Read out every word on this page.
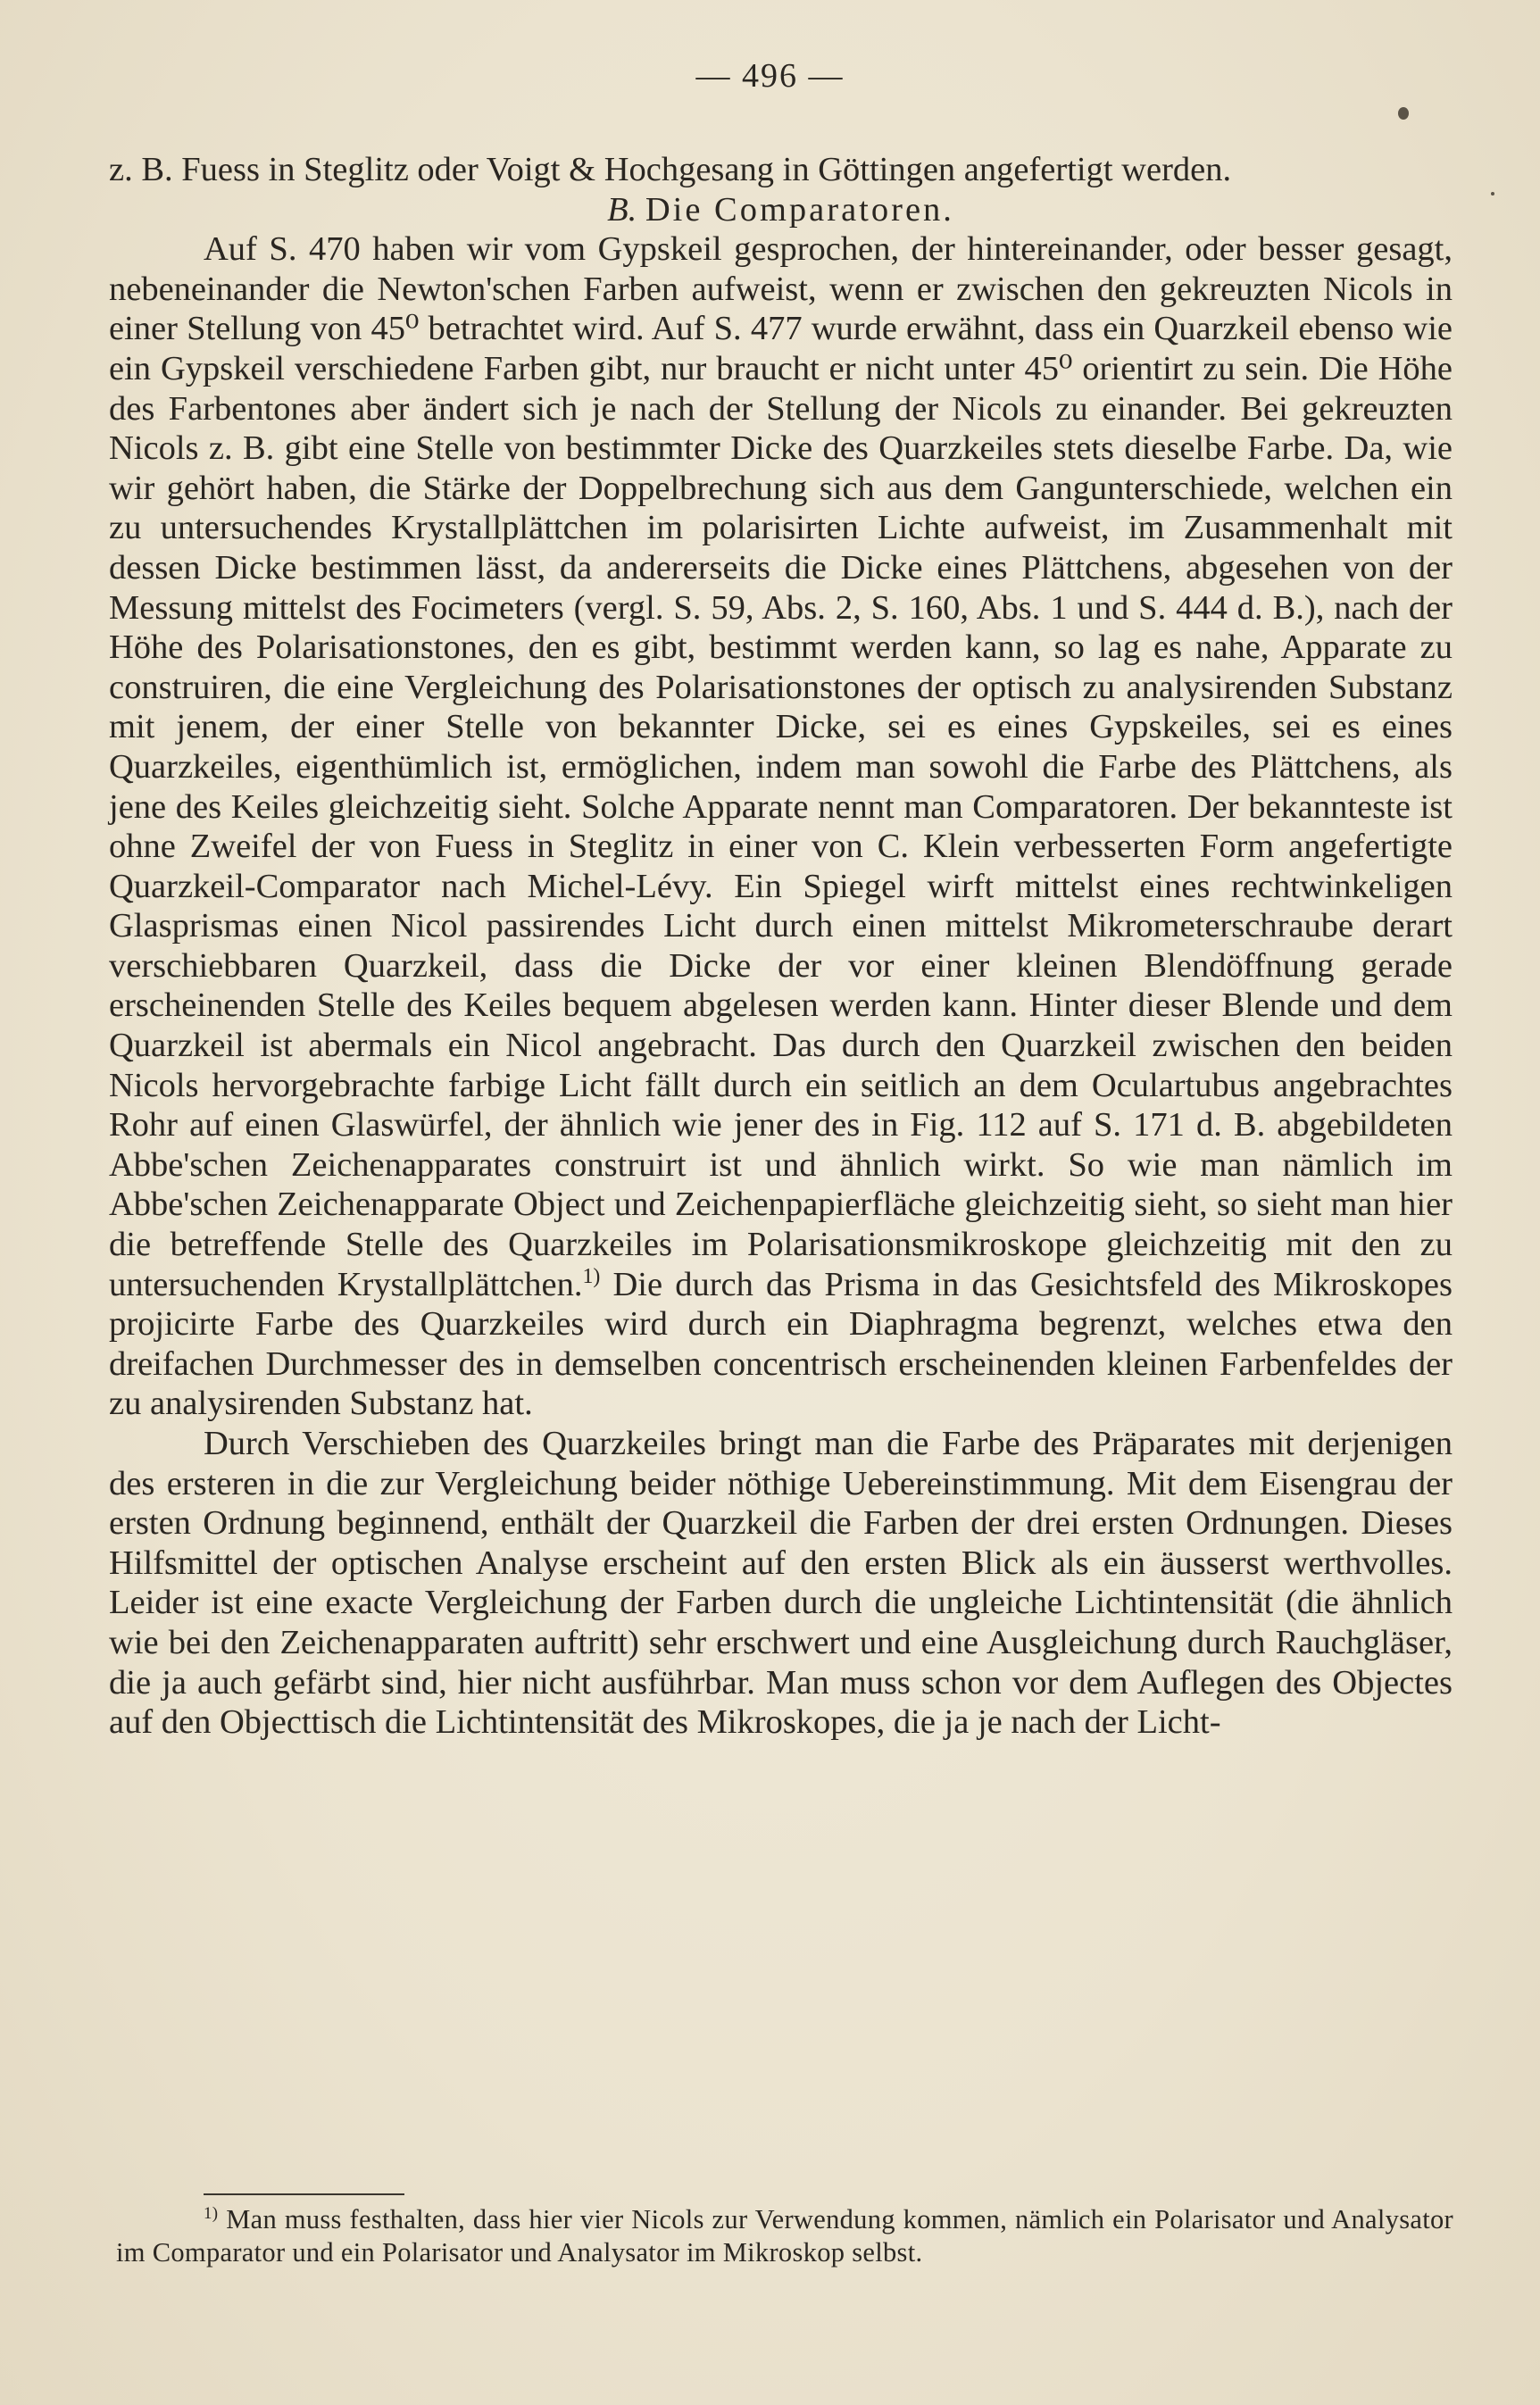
— 496 —

z. B. Fuess in Steglitz oder Voigt & Hochgesang in Göttingen angefertigt werden.

B. Die Comparatoren.

Auf S. 470 haben wir vom Gypskeil gesprochen, der hintereinander, oder besser gesagt, nebeneinander die Newton'schen Farben aufweist, wenn er zwischen den gekreuzten Nicols in einer Stellung von 45⁰ betrachtet wird. Auf S. 477 wurde erwähnt, dass ein Quarzkeil ebenso wie ein Gypskeil verschiedene Farben gibt, nur braucht er nicht unter 45⁰ orientirt zu sein. Die Höhe des Farbentones aber ändert sich je nach der Stellung der Nicols zu einander. Bei gekreuzten Nicols z. B. gibt eine Stelle von bestimmter Dicke des Quarzkeiles stets dieselbe Farbe. Da, wie wir gehört haben, die Stärke der Doppelbrechung sich aus dem Gangunterschiede, welchen ein zu untersuchendes Krystallplättchen im polarisirten Lichte aufweist, im Zusammenhalt mit dessen Dicke bestimmen lässt, da andererseits die Dicke eines Plättchens, abgesehen von der Messung mittelst des Focimeters (vergl. S. 59, Abs. 2, S. 160, Abs. 1 und S. 444 d. B.), nach der Höhe des Polarisationstones, den es gibt, bestimmt werden kann, so lag es nahe, Apparate zu construiren, die eine Vergleichung des Polarisationstones der optisch zu analysirenden Substanz mit jenem, der einer Stelle von bekannter Dicke, sei es eines Gypskeiles, sei es eines Quarzkeiles, eigenthümlich ist, ermöglichen, indem man sowohl die Farbe des Plättchens, als jene des Keiles gleichzeitig sieht. Solche Apparate nennt man Comparatoren. Der bekannteste ist ohne Zweifel der von Fuess in Steglitz in einer von C. Klein verbesserten Form angefertigte Quarzkeil-Comparator nach Michel-Lévy. Ein Spiegel wirft mittelst eines rechtwinkeligen Glasprismas einen Nicol passirendes Licht durch einen mittelst Mikrometerschraube derart verschiebbaren Quarzkeil, dass die Dicke der vor einer kleinen Blendöffnung gerade erscheinenden Stelle des Keiles bequem abgelesen werden kann. Hinter dieser Blende und dem Quarzkeil ist abermals ein Nicol angebracht. Das durch den Quarzkeil zwischen den beiden Nicols hervorgebrachte farbige Licht fällt durch ein seitlich an dem Oculartubus angebrachtes Rohr auf einen Glaswürfel, der ähnlich wie jener des in Fig. 112 auf S. 171 d. B. abgebildeten Abbe'schen Zeichenapparates construirt ist und ähnlich wirkt. So wie man nämlich im Abbe'schen Zeichenapparate Object und Zeichenpapierfläche gleichzeitig sieht, so sieht man hier die betreffende Stelle des Quarzkeiles im Polarisationsmikroskope gleichzeitig mit den zu untersuchenden Krystallplättchen.$^{1)}$ Die durch das Prisma in das Gesichtsfeld des Mikroskopes projicirte Farbe des Quarzkeiles wird durch ein Diaphragma begrenzt, welches etwa den dreifachen Durchmesser des in demselben concentrisch erscheinenden kleinen Farbenfeldes der zu analysirenden Substanz hat.

Durch Verschieben des Quarzkeiles bringt man die Farbe des Präparates mit derjenigen des ersteren in die zur Vergleichung beider nöthige Uebereinstimmung. Mit dem Eisengrau der ersten Ordnung beginnend, enthält der Quarzkeil die Farben der drei ersten Ordnungen. Dieses Hilfsmittel der optischen Analyse erscheint auf den ersten Blick als ein äusserst werthvolles. Leider ist eine exacte Vergleichung der Farben durch die ungleiche Lichtintensität (die ähnlich wie bei den Zeichenapparaten auftritt) sehr erschwert und eine Ausgleichung durch Rauchgläser, die ja auch gefärbt sind, hier nicht ausführbar. Man muss schon vor dem Auflegen des Objectes auf den Objecttisch die Lichtintensität des Mikroskopes, die ja je nach der Licht-

$^{1)}$ Man muss festhalten, dass hier vier Nicols zur Verwendung kommen, nämlich ein Polarisator und Analysator im Comparator und ein Polarisator und Analysator im Mikroskop selbst.
